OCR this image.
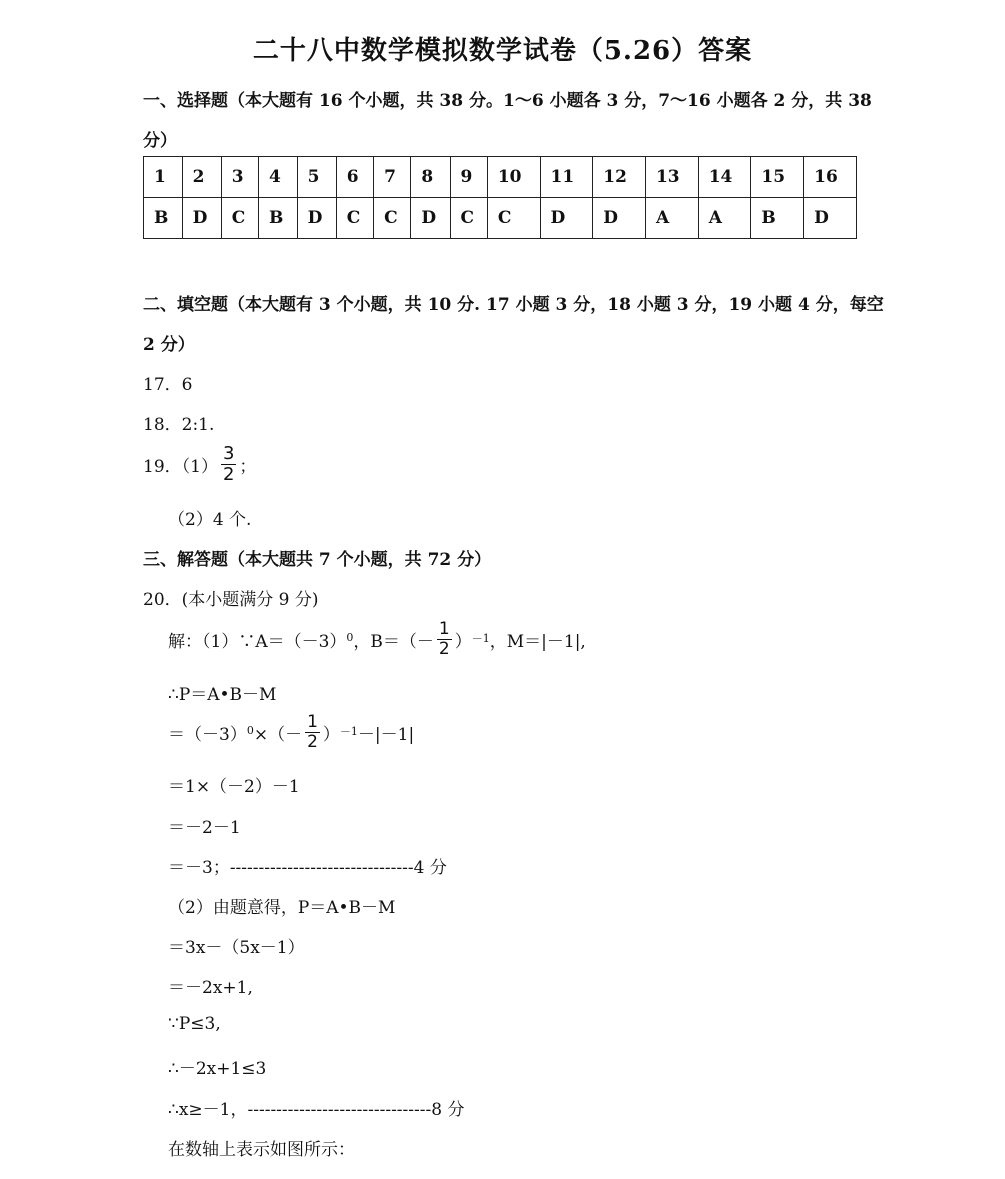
二十八中数学模拟数学试卷（5.26）答案
一、选择题（本大题有 16 个小题，共 38 分。1～6 小题各 3 分，7～16 小题各 2 分，共 38
分）
1	2	3	4	5	6	7	8	9	10	11	12	13	14	15	16
B	D	C	B	D	C	C	D	C	C	D	D	A	A	B	D
二、填空题（本大题有 3 个小题，共 10 分. 17 小题 3 分，18 小题 3 分，19 小题 4 分，每空
2 分）
17．6
18．2:1.
19．$(1) \frac{3}{2}$ ；
（2）4 个.
三、解答题（本大题共 7 个小题，共 72 分）
20．(本小题满分 9 分)
解：$(1)\because A=(-3)^0$ ，$B=(- \frac{1}{2} )^{-1}$ ，M＝|－1|,
∴P＝A•B－M
$=(-3)^0$ ×（－ $\frac{1}{2} )^{-1} -|-1|$
＝1×（－2）－1
＝－2－1
＝－3；--------------------------------4 分
（2）由题意得，P＝A•B－M
＝3x－（5x－1）
＝－2x+1,
∵P≤3,
∴－2x+1≤3
∴x≥－1，--------------------------------8 分
在数轴上表示如图所示：
